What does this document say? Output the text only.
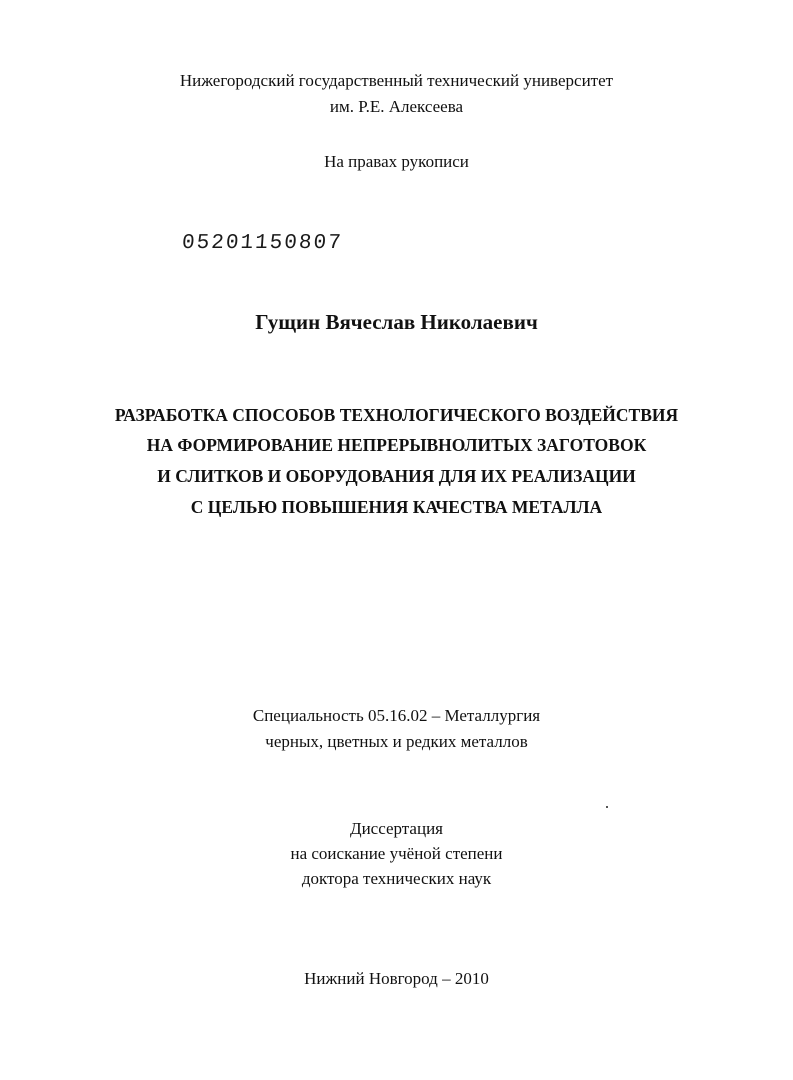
Нижегородский государственный технический университет
им. Р.Е. Алексеева
На правах рукописи
05201150807
Гущин Вячеслав Николаевич
РАЗРАБОТКА СПОСОБОВ ТЕХНОЛОГИЧЕСКОГО ВОЗДЕЙСТВИЯ
НА ФОРМИРОВАНИЕ НЕПРЕРЫВНОЛИТЫХ ЗАГОТОВОК
И СЛИТКОВ И ОБОРУДОВАНИЯ ДЛЯ ИХ РЕАЛИЗАЦИИ
С ЦЕЛЬЮ ПОВЫШЕНИЯ КАЧЕСТВА МЕТАЛЛА
Специальность 05.16.02 – Металлургия
черных, цветных и редких металлов
Диссертация
на соискание учёной степени
доктора технических наук
Нижний Новгород – 2010
